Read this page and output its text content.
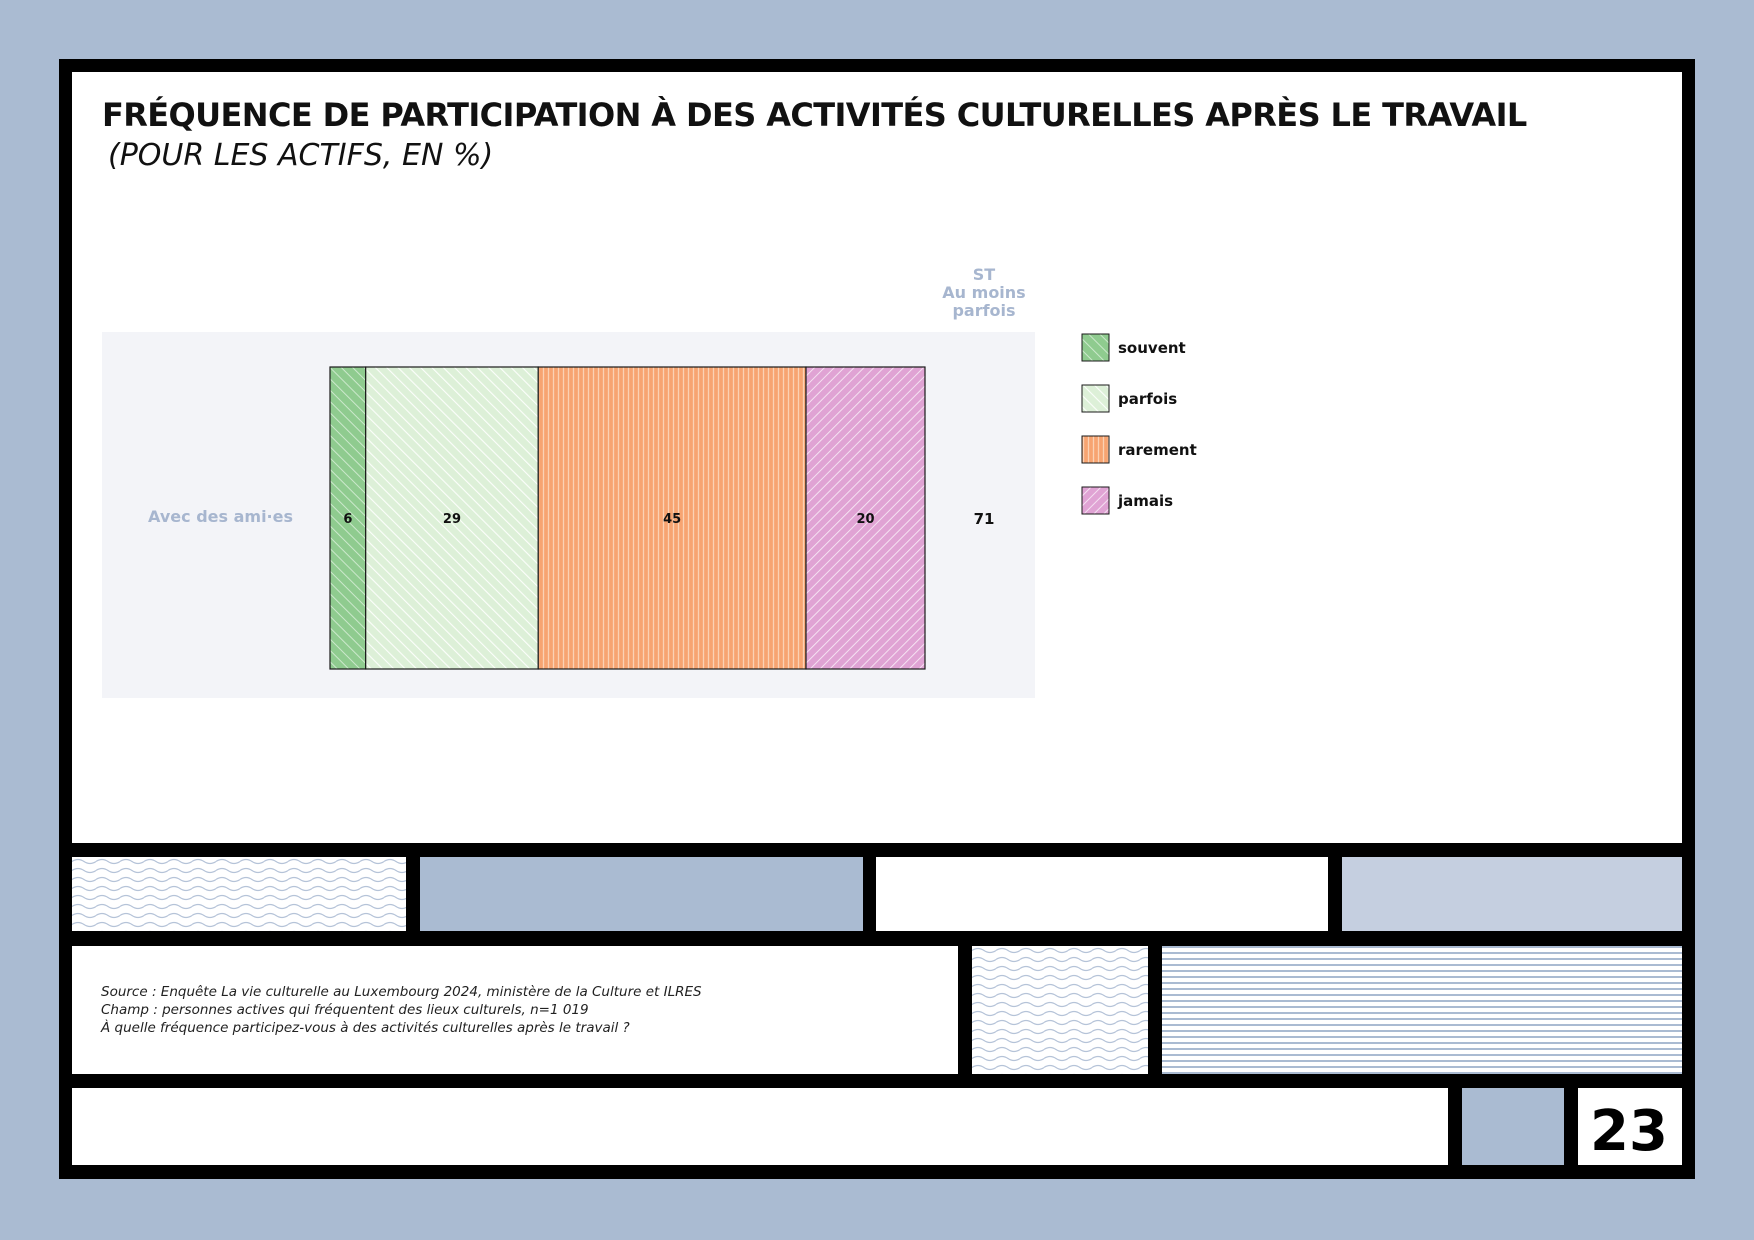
FRÉQUENCE DE PARTICIPATION À DES ACTIVITÉS CULTURELLES APRÈS LE TRAVAIL
(POUR LES ACTIFS, EN %)
ST
Au moins
parfois
Avec des ami·es	6	29	45	20	71
souvent
parfois
rarement
jamais
Source : Enquête La vie culturelle au Luxembourg 2024, ministère de la Culture et ILRES
Champ : personnes actives qui fréquentent des lieux culturels, n=1 019
À quelle fréquence participez-vous à des activités culturelles après le travail ?
23
